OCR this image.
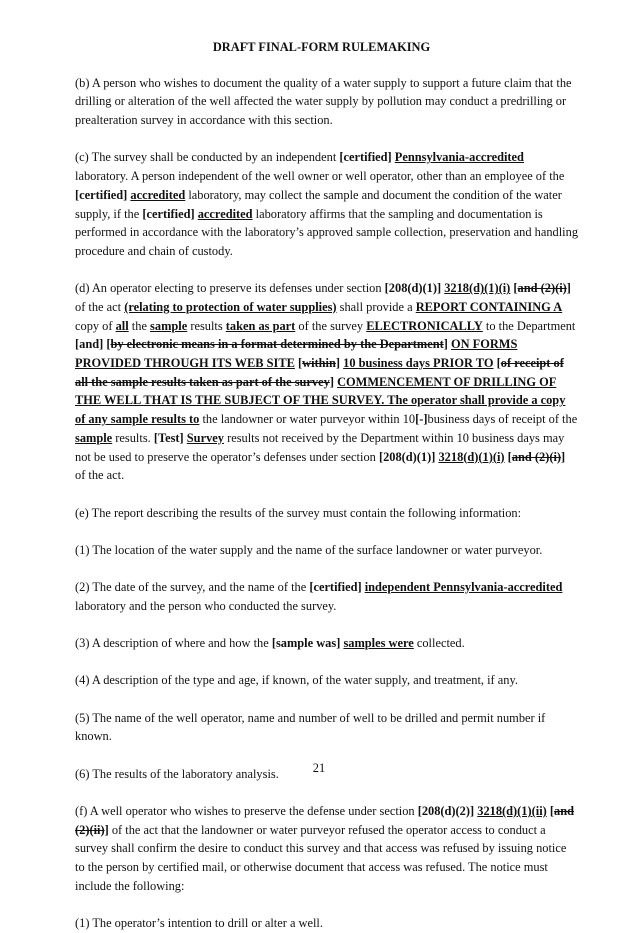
DRAFT FINAL-FORM RULEMAKING

(b) A person who wishes to document the quality of a water supply to support a future claim that the drilling or alteration of the well affected the water supply by pollution may conduct a predrilling or prealteration survey in accordance with this section.

(c) The survey shall be conducted by an independent [certified] Pennsylvania-accredited laboratory. A person independent of the well owner or well operator, other than an employee of the [certified] accredited laboratory, may collect the sample and document the condition of the water supply, if the [certified] accredited laboratory affirms that the sampling and documentation is performed in accordance with the laboratory’s approved sample collection, preservation and handling procedure and chain of custody.

(d) An operator electing to preserve its defenses under section [208(d)(1)] 3218(d)(1)(i) [and (2)(i)] of the act (relating to protection of water supplies) shall provide a REPORT CONTAINING A copy of all the sample results taken as part of the survey ELECTRONICALLY to the Department [and] [by electronic means in a format determined by the Department] ON FORMS PROVIDED THROUGH ITS WEB SITE [within] 10 business days PRIOR TO [of receipt of all the sample results taken as part of the survey] COMMENCEMENT OF DRILLING OF THE WELL THAT IS THE SUBJECT OF THE SURVEY. The operator shall provide a copy of any sample results to the landowner or water purveyor within 10[-]business days of receipt of the sample results. [Test] Survey results not received by the Department within 10 business days may not be used to preserve the operator’s defenses under section [208(d)(1)] 3218(d)(1)(i) [and (2)(i)] of the act.

(e) The report describing the results of the survey must contain the following information:

(1) The location of the water supply and the name of the surface landowner or water purveyor.

(2) The date of the survey, and the name of the [certified] independent Pennsylvania-accredited laboratory and the person who conducted the survey.

(3) A description of where and how the [sample was] samples were collected.

(4) A description of the type and age, if known, of the water supply, and treatment, if any.

(5) The name of the well operator, name and number of well to be drilled and permit number if known.

(6) The results of the laboratory analysis.

(f) A well operator who wishes to preserve the defense under section [208(d)(2)] 3218(d)(1)(ii) [and (2)(ii)] of the act that the landowner or water purveyor refused the operator access to conduct a survey shall confirm the desire to conduct this survey and that access was refused by issuing notice to the person by certified mail, or otherwise document that access was refused. The notice must include the following:

(1) The operator’s intention to drill or alter a well.

21
